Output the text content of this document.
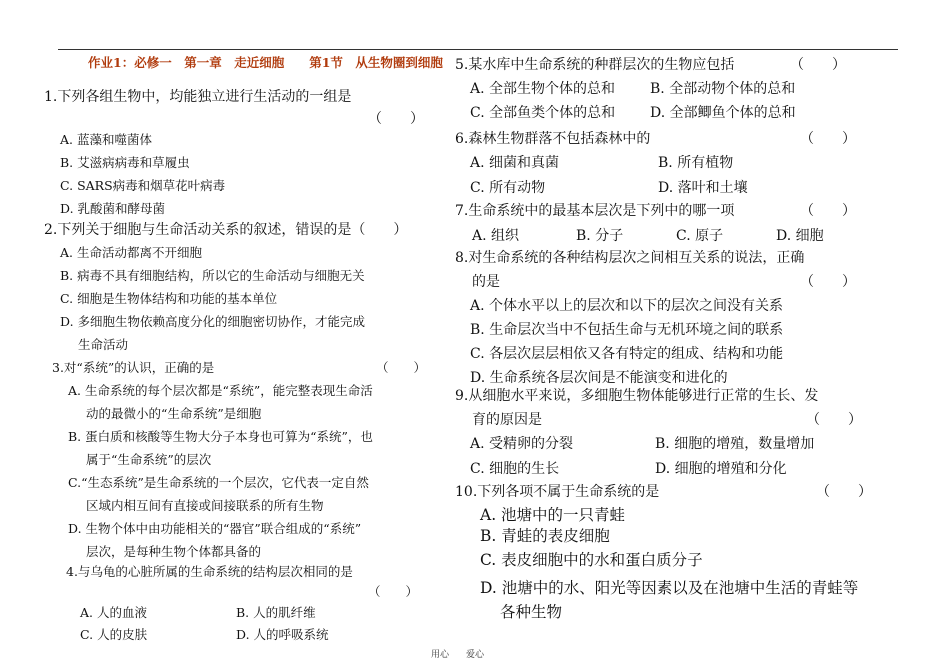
作业1：必修一　第一章　走近细胞　　第1节　从生物圈到细胞
1.下列各组生物中，均能独立进行生活动的一组是
（　　）
A. 蓝藻和噬菌体
B. 艾滋病病毒和草履虫
C. SARS病毒和烟草花叶病毒
D. 乳酸菌和酵母菌
2.下列关于细胞与生命活动关系的叙述，错误的是（　　）
A. 生命活动都离不开细胞
B. 病毒不具有细胞结构，所以它的生命活动与细胞无关
C. 细胞是生物体结构和功能的基本单位
D. 多细胞生物依赖高度分化的细胞密切协作，才能完成
生命活动
3.对“系统”的认识，正确的是	（　　）
A. 生命系统的每个层次都是“系统”，能完整表现生命活
动的最微小的“生命系统”是细胞
B. 蛋白质和核酸等生物大分子本身也可算为“系统”，也
属于“生命系统”的层次
C.“生态系统”是生命系统的一个层次，它代表一定自然
区域内相互间有直接或间接联系的所有生物
D. 生物个体中由功能相关的“器官”联合组成的“系统”
层次，是每种生物个体都具备的
4.与乌龟的心脏所属的生命系统的结构层次相同的是
（　　）
A. 人的血液	B. 人的肌纤维
C. 人的皮肤	D. 人的呼吸系统
5.某水库中生命系统的种群层次的生物应包括	（　　）
A. 全部生物个体的总和 B. 全部动物个体的总和
C. 全部鱼类个体的总和 D. 全部鲫鱼个体的总和
6.森林生物群落不包括森林中的	（　　）
A. 细菌和真菌	B. 所有植物
C. 所有动物	D. 落叶和土壤
7.生命系统中的最基本层次是下列中的哪一项	（　　）
A. 组织	B. 分子	C. 原子	D. 细胞
8.对生命系统的各种结构层次之间相互关系的说法，正确
的是	（　　）
A. 个体水平以上的层次和以下的层次之间没有关系
B. 生命层次当中不包括生命与无机环境之间的联系
C. 各层次层层相依又各有特定的组成、结构和功能
D. 生命系统各层次间是不能演变和进化的
9.从细胞水平来说，多细胞生物体能够进行正常的生长、发
育的原因是	（　　）
A. 受精卵的分裂	B. 细胞的增殖，数量增加
C. 细胞的生长	D. 细胞的增殖和分化
10.下列各项不属于生命系统的是	（　　）
A. 池塘中的一只青蛙
B. 青蛙的表皮细胞
C. 表皮细胞中的水和蛋白质分子
D. 池塘中的水、阳光等因素以及在池塘中生活的青蛙等
各种生物
用心 爱心
